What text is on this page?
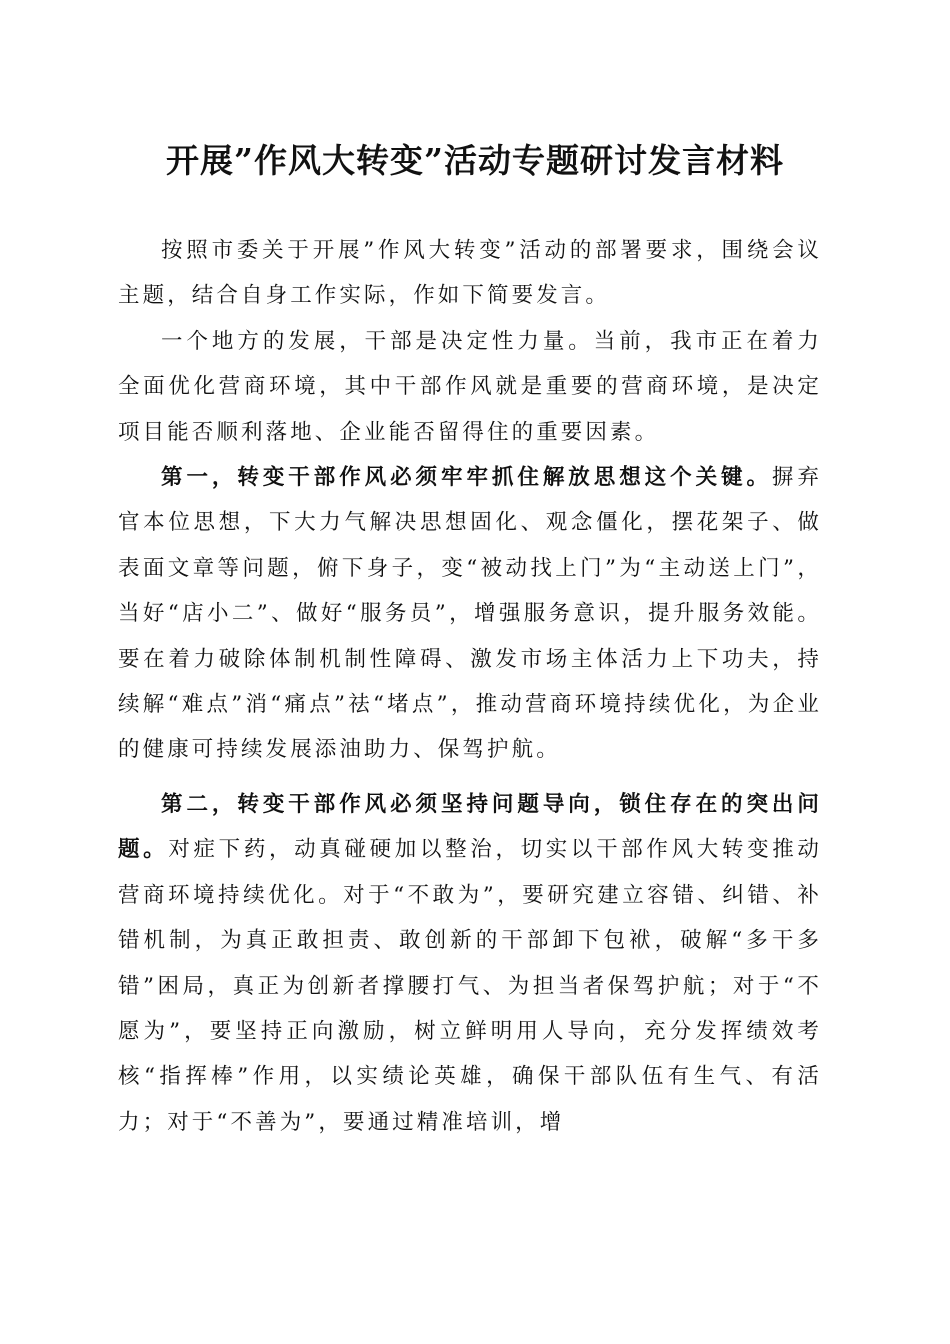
开展”作风大转变”活动专题研讨发言材料

按照市委关于开展”作风大转变”活动的部署要求，围绕会议主题，结合自身工作实际，作如下简要发言。

一个地方的发展，干部是决定性力量。当前，我市正在着力全面优化营商环境，其中干部作风就是重要的营商环境，是决定项目能否顺利落地、企业能否留得住的重要因素。

第一，转变干部作风必须牢牢抓住解放思想这个关键。摒弃官本位思想，下大力气解决思想固化、观念僵化，摆花架子、做表面文章等问题，俯下身子，变“被动找上门”为“主动送上门”，当好“店小二”、做好“服务员”，增强服务意识，提升服务效能。要在着力破除体制机制性障碍、激发市场主体活力上下功夫，持续解“难点”消“痛点”祛“堵点”，推动营商环境持续优化，为企业的健康可持续发展添油助力、保驾护航。

第二，转变干部作风必须坚持问题导向，锁住存在的突出问题。对症下药，动真碰硬加以整治，切实以干部作风大转变推动营商环境持续优化。对于“不敢为”，要研究建立容错、纠错、补错机制，为真正敢担责、敢创新的干部卸下包袱，破解“多干多错”困局，真正为创新者撑腰打气、为担当者保驾护航；对于“不愿为”，要坚持正向激励，树立鲜明用人导向，充分发挥绩效考核“指挥棒”作用，以实绩论英雄，确保干部队伍有生气、有活力；对于“不善为”，要通过精准培训，增
